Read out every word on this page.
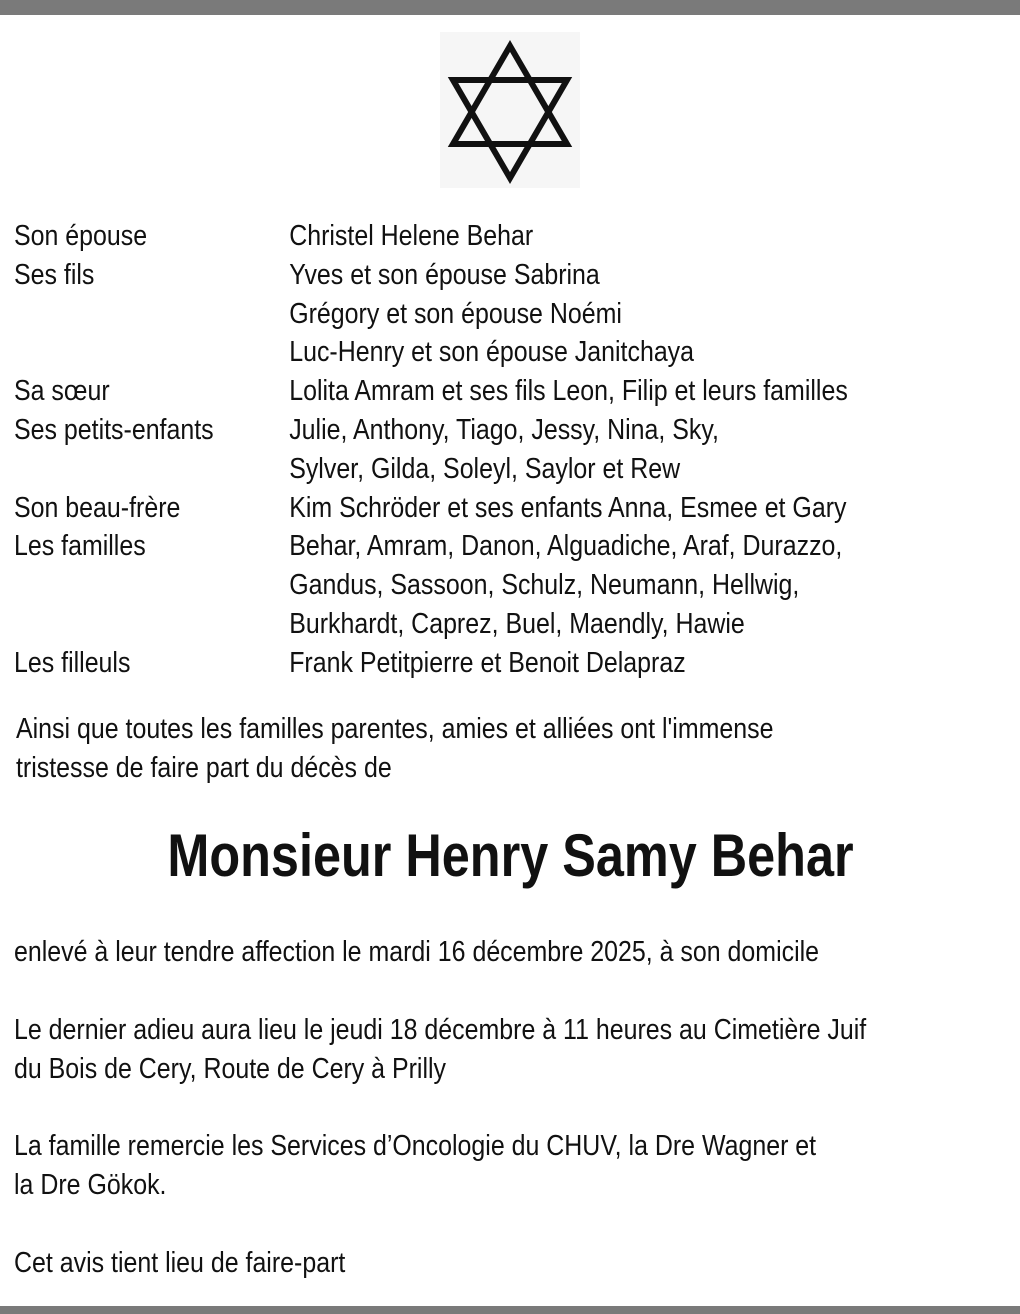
Son épouse	Christel Helene Behar
Ses fils	Yves et son épouse Sabrina
Grégory et son épouse Noémi
Luc-Henry et son épouse Janitchaya
Sa sœur	Lolita Amram et ses fils Leon, Filip et leurs familles
Ses petits-enfants	Julie, Anthony, Tiago, Jessy, Nina, Sky,
Sylver, Gilda, Soleyl, Saylor et Rew
Son beau-frère	Kim Schröder et ses enfants Anna, Esmee et Gary
Les familles	Behar, Amram, Danon, Alguadiche, Araf, Durazzo,
Gandus, Sassoon, Schulz, Neumann, Hellwig,
Burkhardt, Caprez, Buel, Maendly, Hawie
Les filleuls	Frank Petitpierre et Benoit Delapraz
Ainsi que toutes les familles parentes, amies et alliées ont l'immense
tristesse de faire part du décès de
Monsieur Henry Samy Behar
enlevé à leur tendre affection le mardi 16 décembre 2025, à son domicile
Le dernier adieu aura lieu le jeudi 18 décembre à 11 heures au Cimetière Juif
du Bois de Cery, Route de Cery à Prilly
La famille remercie les Services d’Oncologie du CHUV, la Dre Wagner et
la Dre Gökok.
Cet avis tient lieu de faire-part
